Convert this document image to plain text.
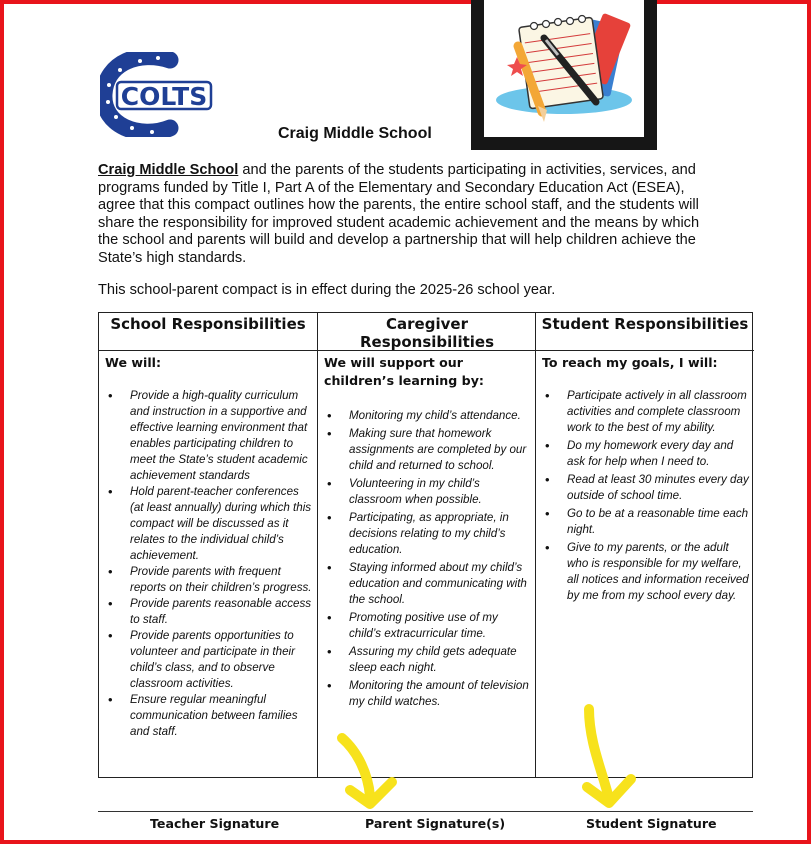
COLTS
Craig Middle School
Craig Middle School and the parents of the students participating in activities, services, and programs funded by Title I, Part A of the Elementary and Secondary Education Act (ESEA), agree that this compact outlines how the parents, the entire school staff, and the students will share the responsibility for improved student academic achievement and the means by which the school and parents will build and develop a partnership that will help children achieve the State’s high standards.
This school-parent compact is in effect during the 2025-26 school year.
School Responsibilities
We will:
• Provide a high-quality curriculum and instruction in a supportive and effective learning environment that enables participating children to meet the State’s student academic achievement standards
• Hold parent-teacher conferences (at least annually) during which this compact will be discussed as it relates to the individual child’s achievement.
• Provide parents with frequent reports on their children’s progress.
• Provide parents reasonable access to staff.
• Provide parents opportunities to volunteer and participate in their child’s class, and to observe classroom activities.
• Ensure regular meaningful communication between families and staff.
Caregiver Responsibilities
We will support our children’s learning by:
• Monitoring my child’s attendance.
• Making sure that homework assignments are completed by our child and returned to school.
• Volunteering in my child’s classroom when possible.
• Participating, as appropriate, in decisions relating to my child’s education.
• Staying informed about my child’s education and communicating with the school.
• Promoting positive use of my child’s extracurricular time.
• Assuring my child gets adequate sleep each night.
• Monitoring the amount of television my child watches.
Student Responsibilities
To reach my goals, I will:
• Participate actively in all classroom activities and complete classroom work to the best of my ability.
• Do my homework every day and ask for help when I need to.
• Read at least 30 minutes every day outside of school time.
• Go to be at a reasonable time each night.
• Give to my parents, or the adult who is responsible for my welfare, all notices and information received by me from my school every day.
Teacher Signature	Parent Signature(s)	Student Signature
